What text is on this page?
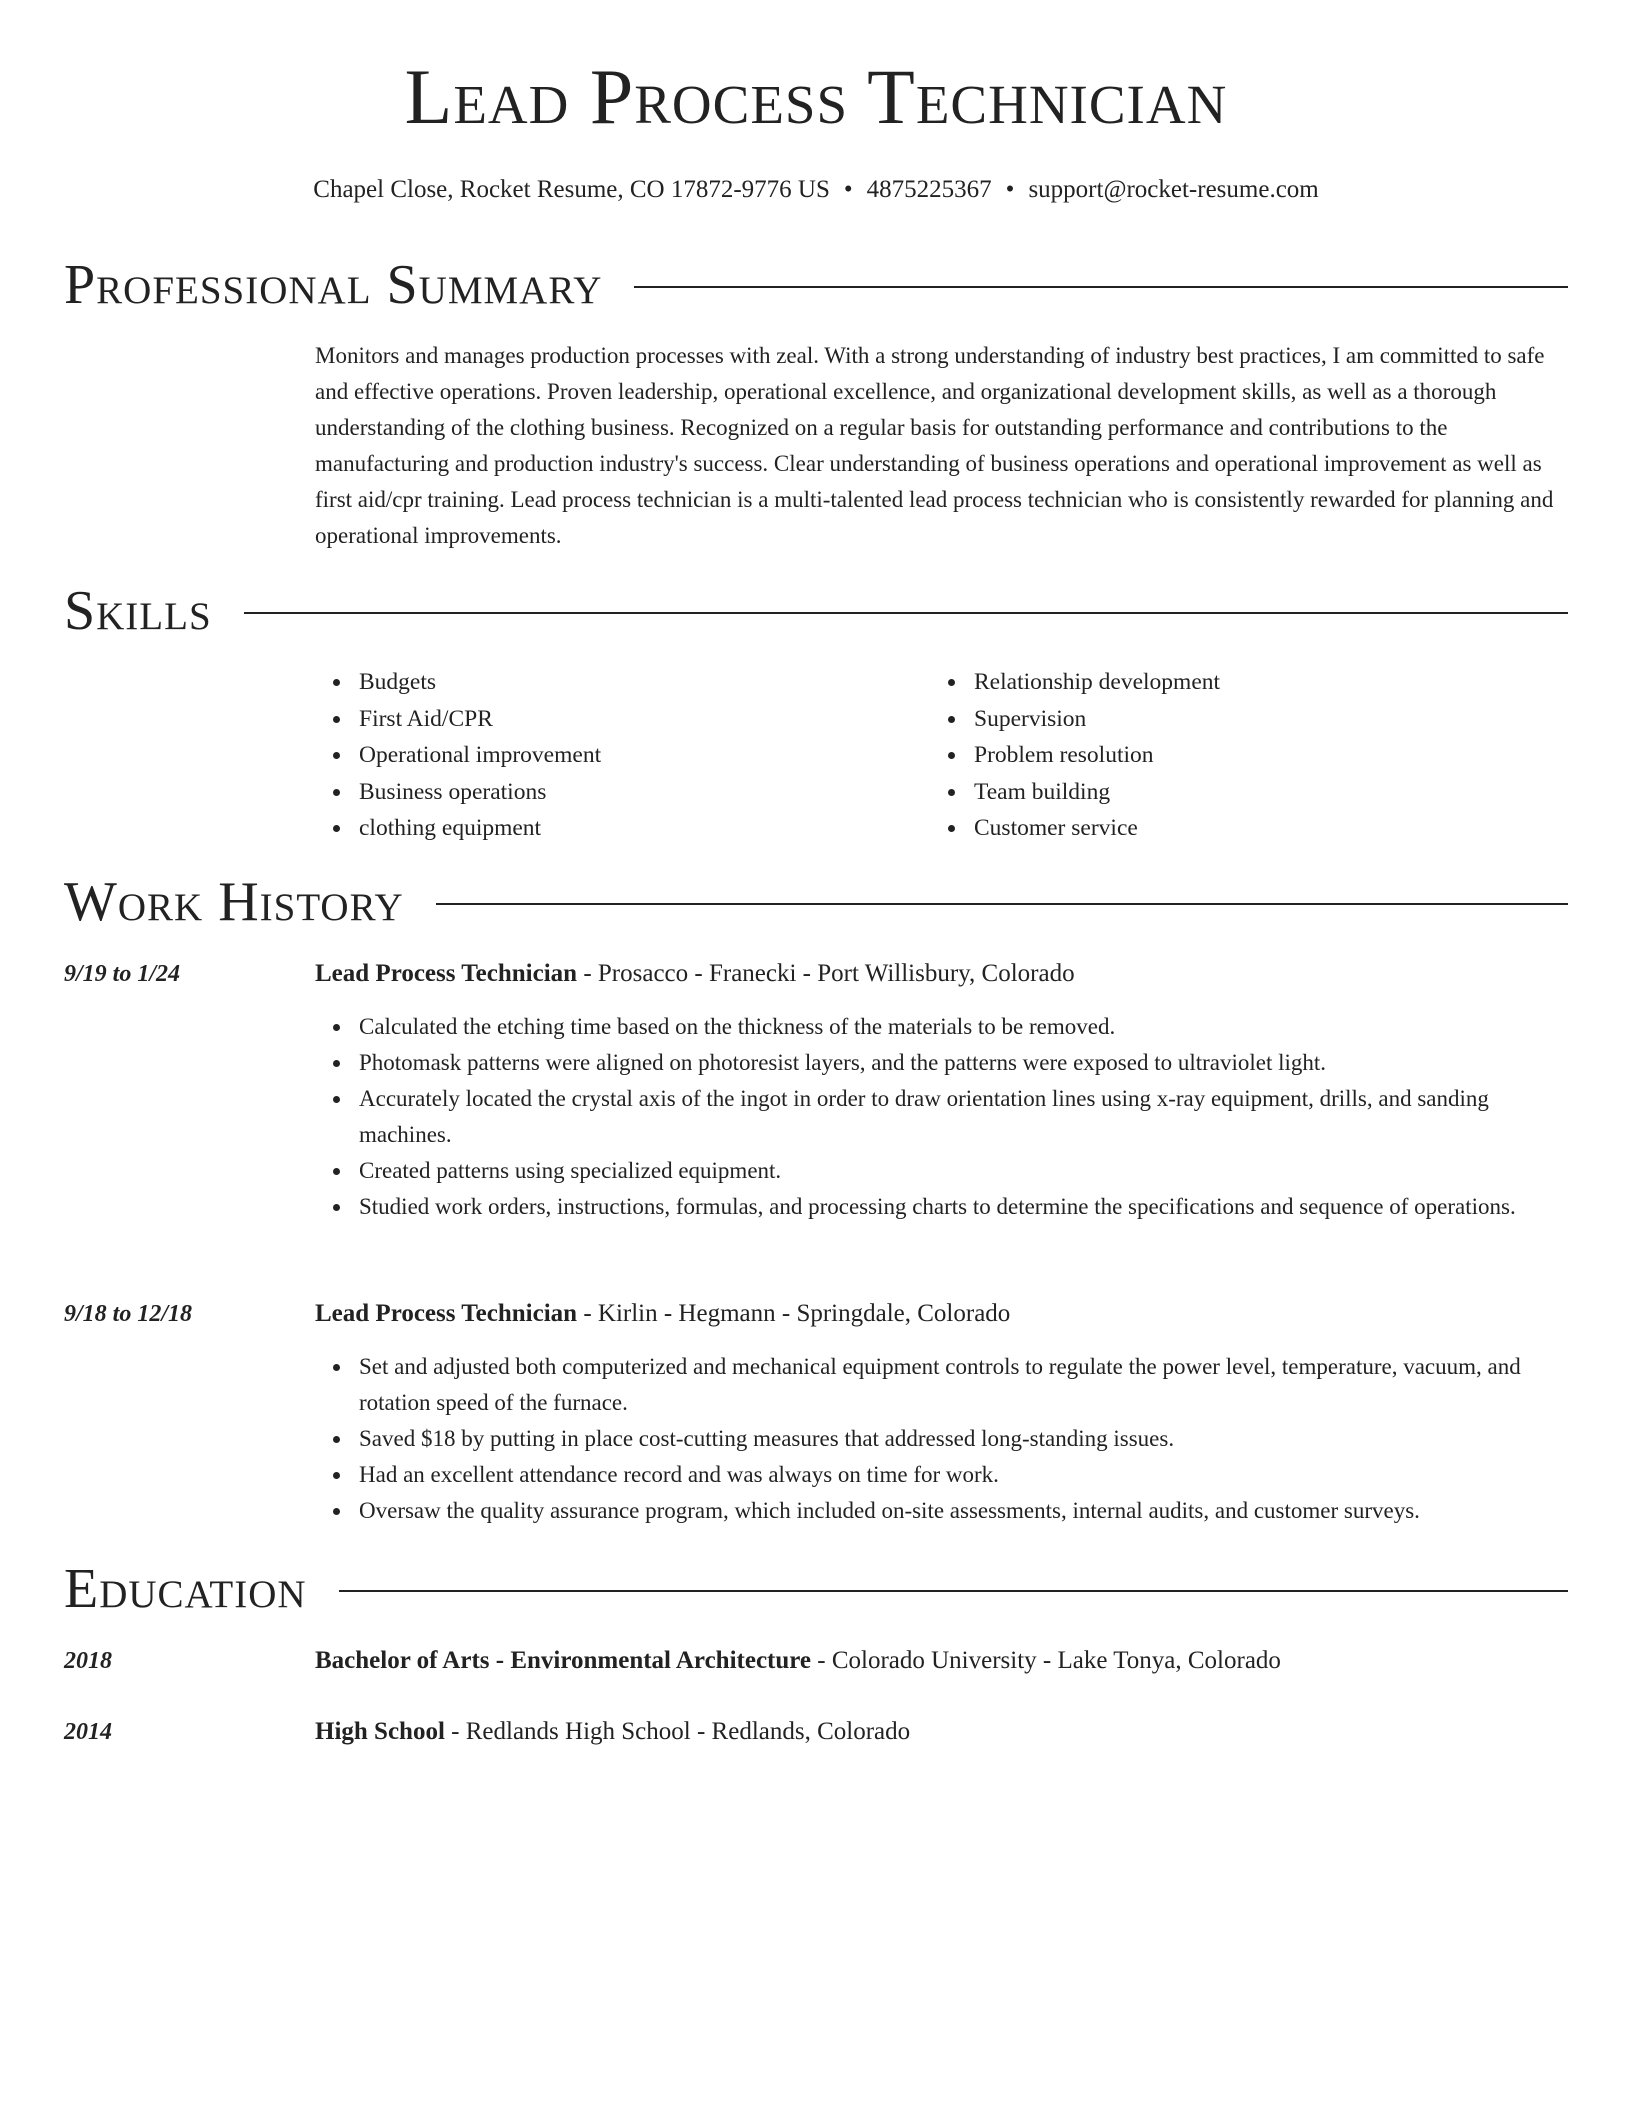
Lead Process Technician
Chapel Close, Rocket Resume, CO 17872-9776 US • 4875225367 • support@rocket-resume.com
Professional Summary

Monitors and manages production processes with zeal. With a strong understanding of industry best practices, I am committed to safe and effective operations. Proven leadership, operational excellence, and organizational development skills, as well as a thorough understanding of the clothing business. Recognized on a regular basis for outstanding performance and contributions to the manufacturing and production industry's success. Clear understanding of business operations and operational improvement as well as first aid/cpr training. Lead process technician is a multi-talented lead process technician who is consistently rewarded for planning and operational improvements.

Skills
Budgets
First Aid/CPR
Operational improvement
Business operations
clothing equipment
Relationship development
Supervision
Problem resolution
Team building
Customer service
Work History
9/19 to 1/24	Lead Process Technician - Prosacco - Franecki - Port Willisbury, Colorado
Calculated the etching time based on the thickness of the materials to be removed.
Photomask patterns were aligned on photoresist layers, and the patterns were exposed to ultraviolet light.
Accurately located the crystal axis of the ingot in order to draw orientation lines using x-ray equipment, drills, and sanding machines.
Created patterns using specialized equipment.
Studied work orders, instructions, formulas, and processing charts to determine the specifications and sequence of operations.
9/18 to 12/18	Lead Process Technician - Kirlin - Hegmann - Springdale, Colorado
Set and adjusted both computerized and mechanical equipment controls to regulate the power level, temperature, vacuum, and rotation speed of the furnace.
Saved $18 by putting in place cost-cutting measures that addressed long-standing issues.
Had an excellent attendance record and was always on time for work.
Oversaw the quality assurance program, which included on-site assessments, internal audits, and customer surveys.
Education
2018	Bachelor of Arts - Environmental Architecture - Colorado University - Lake Tonya, Colorado
2014	High School - Redlands High School - Redlands, Colorado
